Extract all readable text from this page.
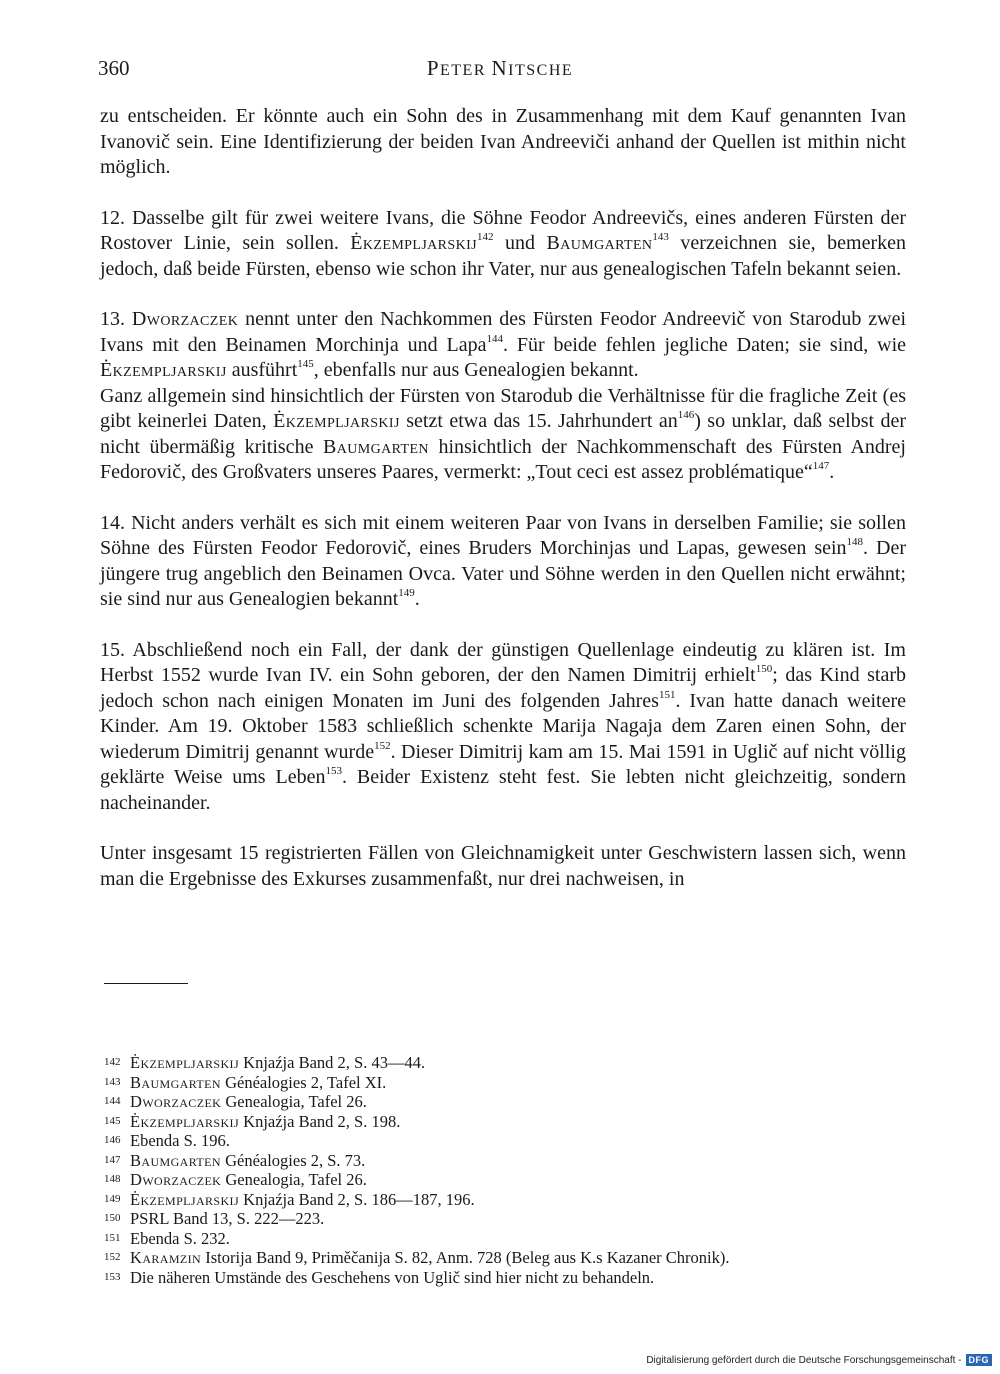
360	PETER NITSCHE

zu entscheiden. Er könnte auch ein Sohn des in Zusammenhang mit dem Kauf genannten Ivan Ivanovič sein. Eine Identifizierung der beiden Ivan Andreeviči anhand der Quellen ist mithin nicht möglich.

12. Dasselbe gilt für zwei weitere Ivans, die Söhne Feodor Andreevičs, eines anderen Fürsten der Rostover Linie, sein sollen. Ėkzempljarskij$^{142}$ und Baumgarten$^{143}$ verzeichnen sie, bemerken jedoch, daß beide Fürsten, ebenso wie schon ihr Vater, nur aus genealogischen Tafeln bekannt seien.

13. Dworzaczek nennt unter den Nachkommen des Fürsten Feodor Andreevič von Starodub zwei Ivans mit den Beinamen Morchinja und Lapa$^{144}$. Für beide fehlen jegliche Daten; sie sind, wie Ėkzempljarskij ausführt$^{145}$, ebenfalls nur aus Genealogien bekannt.

Ganz allgemein sind hinsichtlich der Fürsten von Starodub die Verhältnisse für die fragliche Zeit (es gibt keinerlei Daten, Ėkzempljarskij setzt etwa das 15. Jahrhundert $an^{146}$) so unklar, daß selbst der nicht übermäßig kritische Baumgarten hinsichtlich der Nachkommenschaft des Fürsten Andrej Fedorovič, des Großvaters unseres Paares, vermerkt: „Tout ceci est assez problématique“$^{147}$.

14. Nicht anders verhält es sich mit einem weiteren Paar von Ivans in derselben Familie; sie sollen Söhne des Fürsten Feodor Fedorovič, eines Bruders Morchinjas und Lapas, gewesen sein$^{148}$. Der jüngere trug angeblich den Beinamen Ovca. Vater und Söhne werden in den Quellen nicht erwähnt; sie sind nur aus Genealogien bekannt$^{149}$.

15. Abschließend noch ein Fall, der dank der günstigen Quellenlage eindeutig zu klären ist. Im Herbst 1552 wurde Ivan IV. ein Sohn geboren, der den Namen Dimitrij erhielt$^{150}$; das Kind starb jedoch schon nach einigen Monaten im Juni des folgenden Jahres$^{151}$. Ivan hatte danach weitere Kinder. Am 19. Oktober 1583 schließlich schenkte Marija Nagaja dem Zaren einen Sohn, der wiederum Dimitrij genannt wurde$^{152}$. Dieser Dimitrij kam am 15. Mai 1591 in Uglič auf nicht völlig geklärte Weise ums Leben$^{153}$. Beider Existenz steht fest. Sie lebten nicht gleichzeitig, sondern nacheinander.

Unter insgesamt 15 registrierten Fällen von Gleichnamigkeit unter Geschwistern lassen sich, wenn man die Ergebnisse des Exkurses zusammenfaßt, nur drei nachweisen, in

142 Ėkzempljarskij Knjaźja Band 2, S. 43—44.
143 Baumgarten Généalogies 2, Tafel XI.
144 Dworzaczek Genealogia, Tafel 26.
145 Ėkzempljarskij Knjaźja Band 2, S. 198.
146 Ebenda S. 196.
147 Baumgarten Généalogies 2, S. 73.
148 Dworzaczek Genealogia, Tafel 26.
149 Ėkzempljarskij Knjaźja Band 2, S. 186—187, 196.
150 PSRL Band 13, S. 222—223.
151 Ebenda S. 232.
152 Karamzin Istorija Band 9, Priměčanija S. 82, Anm. 728 (Beleg aus K.s Kazaner Chronik).
153 Die näheren Umstände des Geschehens von Uglič sind hier nicht zu behandeln.
Digitalisierung gefördert durch die Deutsche Forschungsgemeinschaft - DFG
